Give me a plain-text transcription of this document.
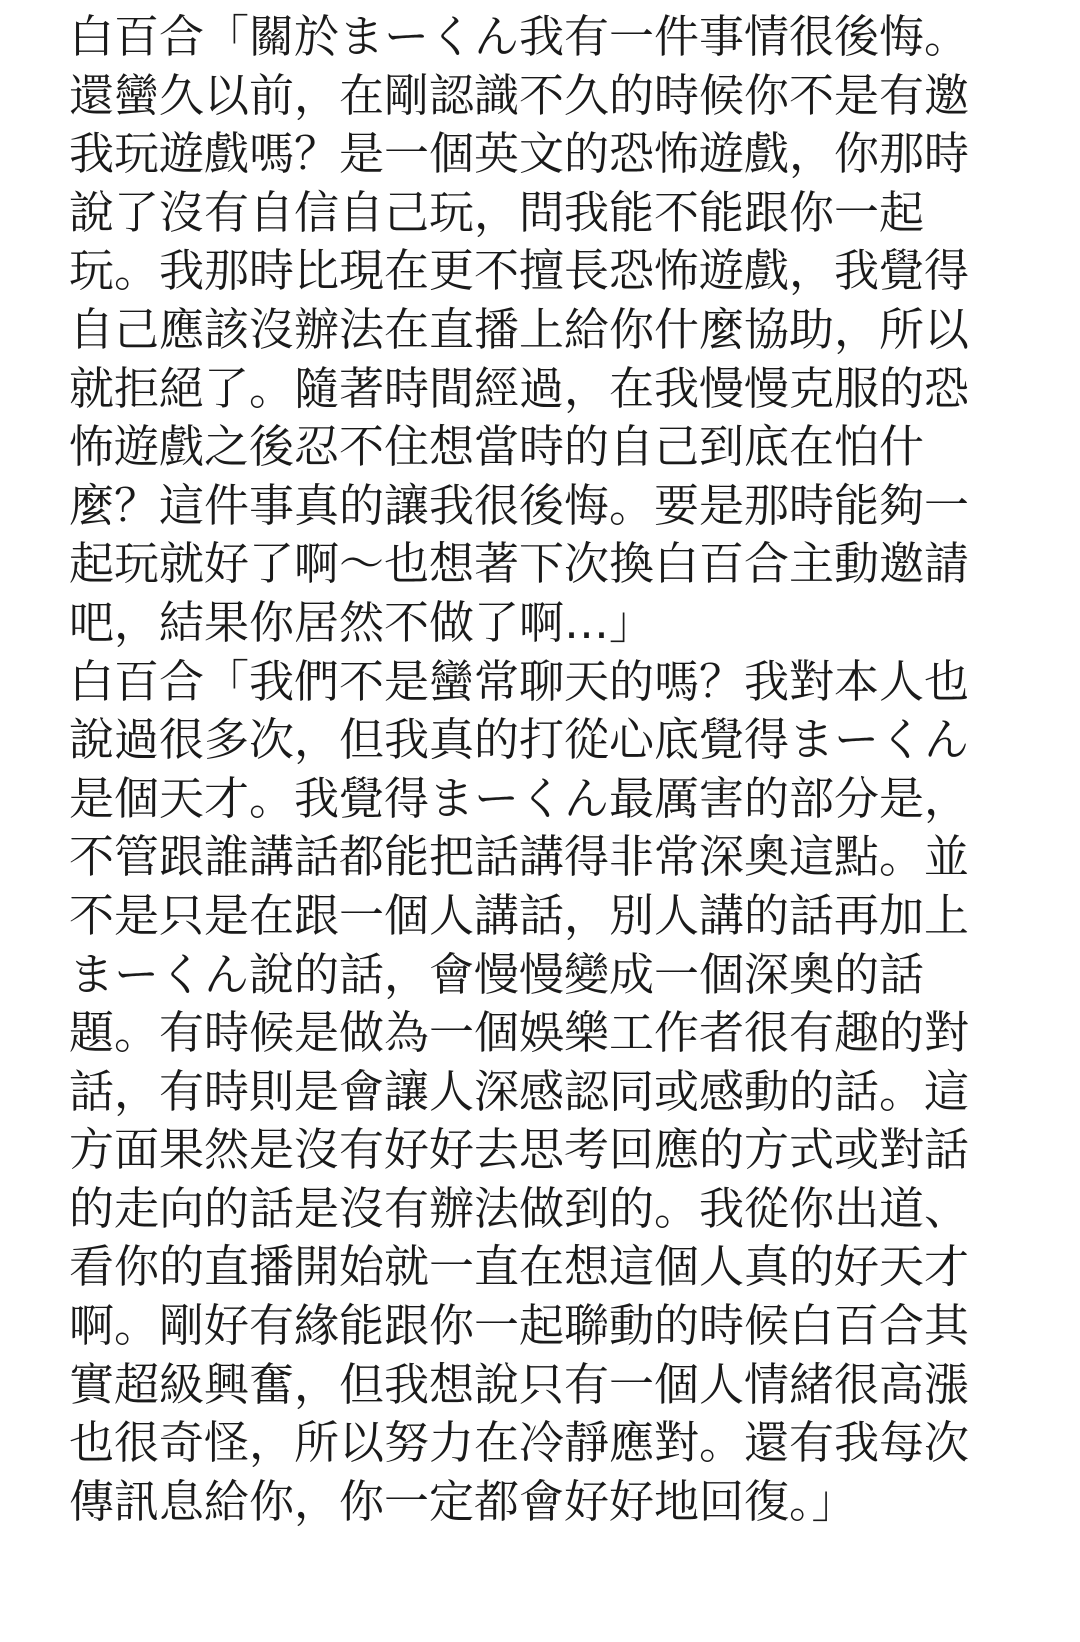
白百合「關於まーくん我有一件事情很後悔。
還蠻久以前，在剛認識不久的時候你不是有邀
我玩遊戲嗎？是一個英文的恐怖遊戲，你那時
說了沒有自信自己玩，問我能不能跟你一起
玩。我那時比現在更不擅長恐怖遊戲，我覺得
自己應該沒辦法在直播上給你什麼協助，所以
就拒絕了。隨著時間經過，在我慢慢克服的恐
怖遊戲之後忍不住想當時的自己到底在怕什
麼？這件事真的讓我很後悔。要是那時能夠一
起玩就好了啊～也想著下次換白百合主動邀請
吧，結果你居然不做了啊…」
白百合「我們不是蠻常聊天的嗎？我對本人也
說過很多次，但我真的打從心底覺得まーくん
是個天才。我覺得まーくん最厲害的部分是，
不管跟誰講話都能把話講得非常深奧這點。並
不是只是在跟一個人講話，別人講的話再加上
まーくん說的話，會慢慢變成一個深奧的話
題。有時候是做為一個娛樂工作者很有趣的對
話，有時則是會讓人深感認同或感動的話。這
方面果然是沒有好好去思考回應的方式或對話
的走向的話是沒有辦法做到的。我從你出道、
看你的直播開始就一直在想這個人真的好天才
啊。剛好有緣能跟你一起聯動的時候白百合其
實超級興奮，但我想說只有一個人情緒很高漲
也很奇怪，所以努力在冷靜應對。還有我每次
傳訊息給你，你一定都會好好地回復。」
